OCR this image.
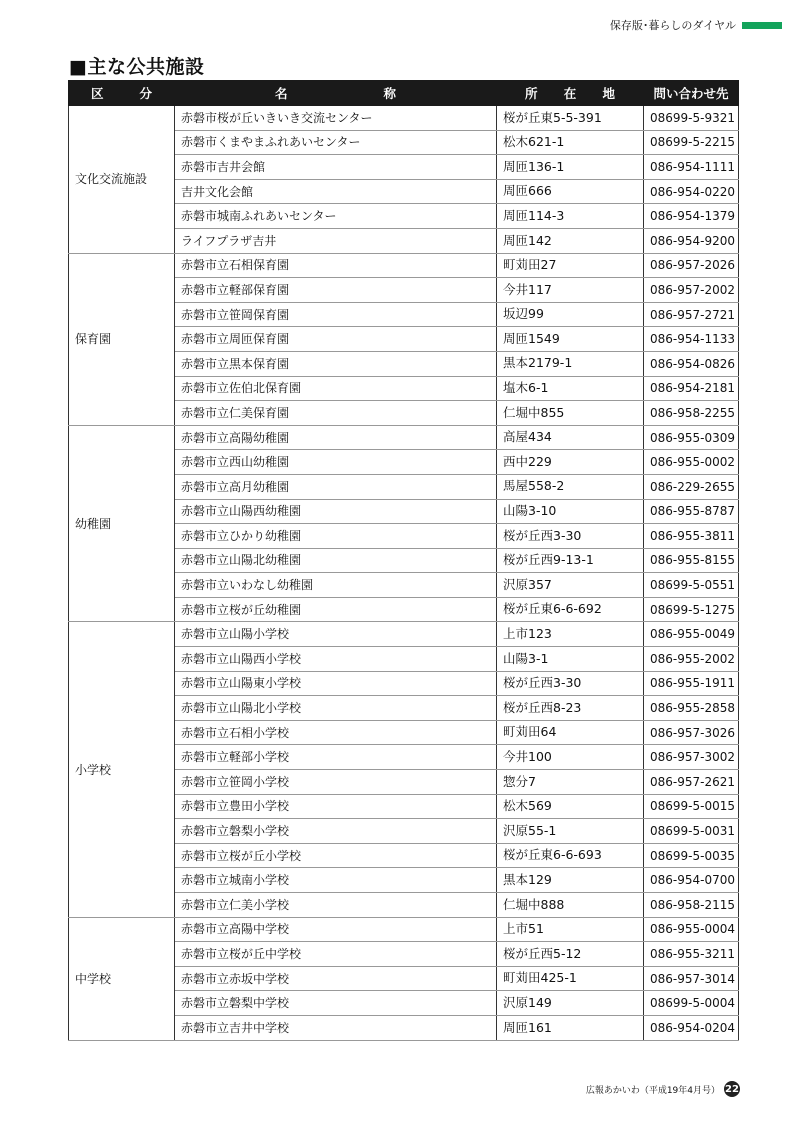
保存版･暮らしのダイヤル
■主な公共施設
区 分	名 称	所 在 地	問い合わせ先
文化交流施設	赤磐市桜が丘いきいき交流センター	桜が丘東5-5-391	08699-5-9321
	赤磐市くまやまふれあいセンター	松木621-1	08699-5-2215
	赤磐市吉井会館	周匝136-1	086-954-1111
	吉井文化会館	周匝666	086-954-0220
	赤磐市城南ふれあいセンター	周匝114-3	086-954-1379
	ライフプラザ吉井	周匝142	086-954-9200
保育園	赤磐市立石相保育園	町苅田27	086-957-2026
	赤磐市立軽部保育園	今井117	086-957-2002
	赤磐市立笹岡保育園	坂辺99	086-957-2721
	赤磐市立周匝保育園	周匝1549	086-954-1133
	赤磐市立黒本保育園	黒本2179-1	086-954-0826
	赤磐市立佐伯北保育園	塩木6-1	086-954-2181
	赤磐市立仁美保育園	仁堀中855	086-958-2255
幼稚園	赤磐市立高陽幼稚園	高屋434	086-955-0309
	赤磐市立西山幼稚園	西中229	086-955-0002
	赤磐市立高月幼稚園	馬屋558-2	086-229-2655
	赤磐市立山陽西幼稚園	山陽3-10	086-955-8787
	赤磐市立ひかり幼稚園	桜が丘西3-30	086-955-3811
	赤磐市立山陽北幼稚園	桜が丘西9-13-1	086-955-8155
	赤磐市立いわなし幼稚園	沢原357	08699-5-0551
	赤磐市立桜が丘幼稚園	桜が丘東6-6-692	08699-5-1275
小学校	赤磐市立山陽小学校	上市123	086-955-0049
	赤磐市立山陽西小学校	山陽3-1	086-955-2002
	赤磐市立山陽東小学校	桜が丘西3-30	086-955-1911
	赤磐市立山陽北小学校	桜が丘西8-23	086-955-2858
	赤磐市立石相小学校	町苅田64	086-957-3026
	赤磐市立軽部小学校	今井100	086-957-3002
	赤磐市立笹岡小学校	惣分7	086-957-2621
	赤磐市立豊田小学校	松木569	08699-5-0015
	赤磐市立磐梨小学校	沢原55-1	08699-5-0031
	赤磐市立桜が丘小学校	桜が丘東6-6-693	08699-5-0035
	赤磐市立城南小学校	黒本129	086-954-0700
	赤磐市立仁美小学校	仁堀中888	086-958-2115
中学校	赤磐市立高陽中学校	上市51	086-955-0004
	赤磐市立桜が丘中学校	桜が丘西5-12	086-955-3211
	赤磐市立赤坂中学校	町苅田425-1	086-957-3014
	赤磐市立磐梨中学校	沢原149	08699-5-0004
	赤磐市立吉井中学校	周匝161	086-954-0204
広報あかいわ（平成19年4月号） 22
